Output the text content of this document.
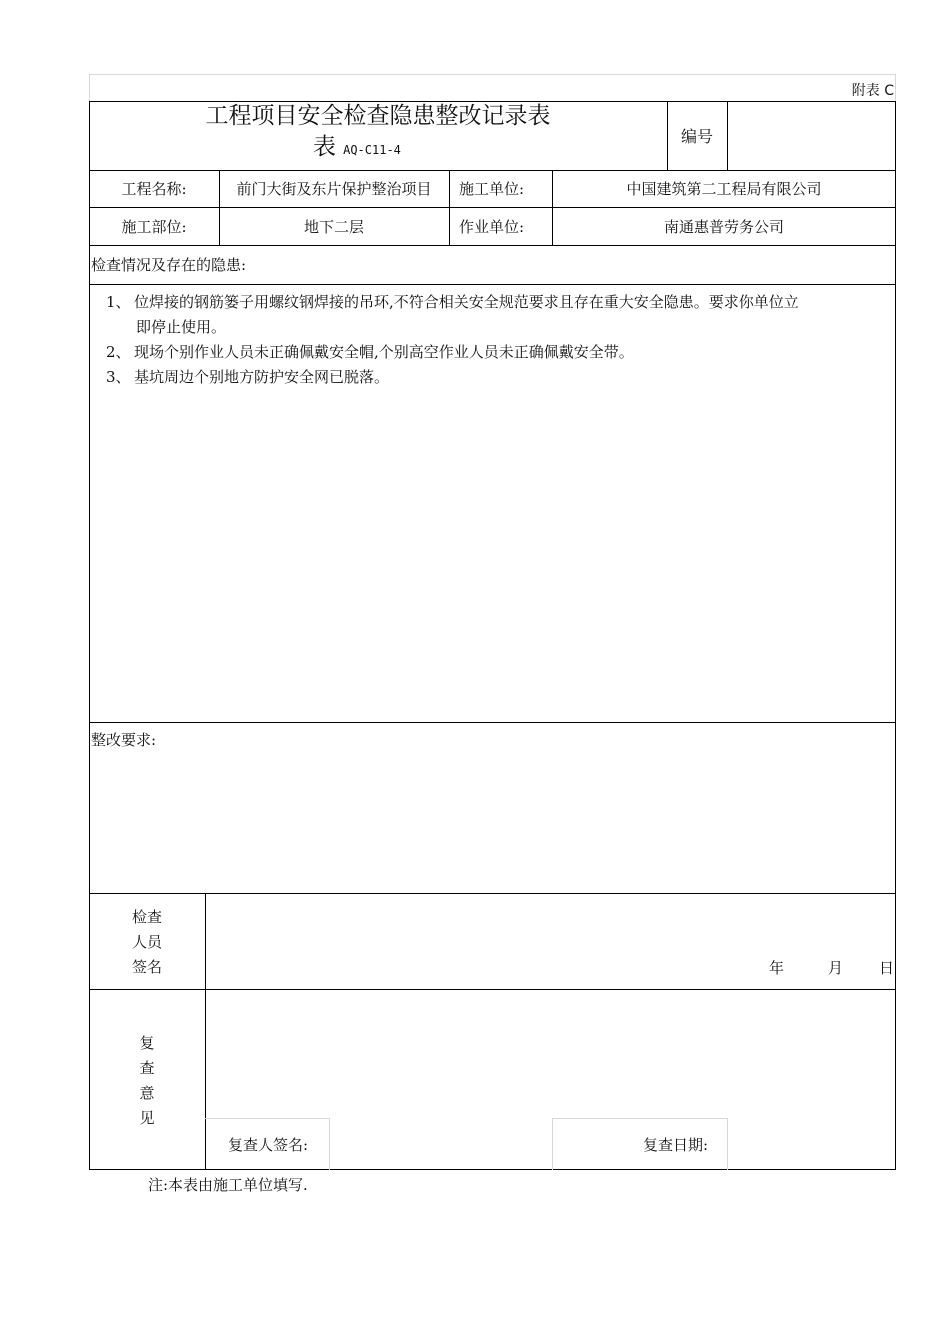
附表 C
工程项目安全检查隐患整改记录表
表 AQ-C11-4
编号
工程名称:	前门大街及东片保护整治项目	施工单位:	中国建筑第二工程局有限公司
施工部位:	地下二层	作业单位:	南通惠普劳务公司
检查情况及存在的隐患:
1、 位焊接的钢筋篓子用螺纹钢焊接的吊环,不符合相关安全规范要求且存在重大安全隐患。要求你单位立
即停止使用。
2、 现场个别作业人员未正确佩戴安全帽,个别高空作业人员未正确佩戴安全带。
3、 基坑周边个别地方防护安全网已脱落。
整改要求:
检查
人员
签名	年	月 日
复
查
意
见
复查人签名:	复查日期:
注:本表由施工单位填写.
